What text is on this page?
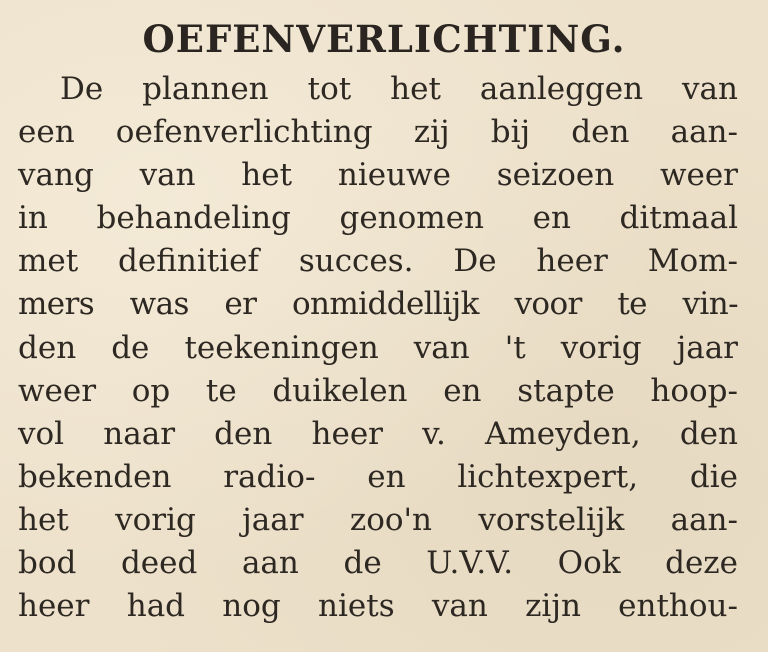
OEFENVERLICHTING.
De plannen tot het aanleggen van
een oefenverlichting zij bij den aan-
vang van het nieuwe seizoen weer
in behandeling genomen en ditmaal
met definitief succes. De heer Mom-
mers was er onmiddellijk voor te vin-
den de teekeningen van 't vorig jaar
weer op te duikelen en stapte hoop-
vol naar den heer v. Ameyden, den
bekenden radio- en lichtexpert, die
het vorig jaar zoo'n vorstelijk aan-
bod deed aan de U.V.V. Ook deze
heer had nog niets van zijn enthou-
